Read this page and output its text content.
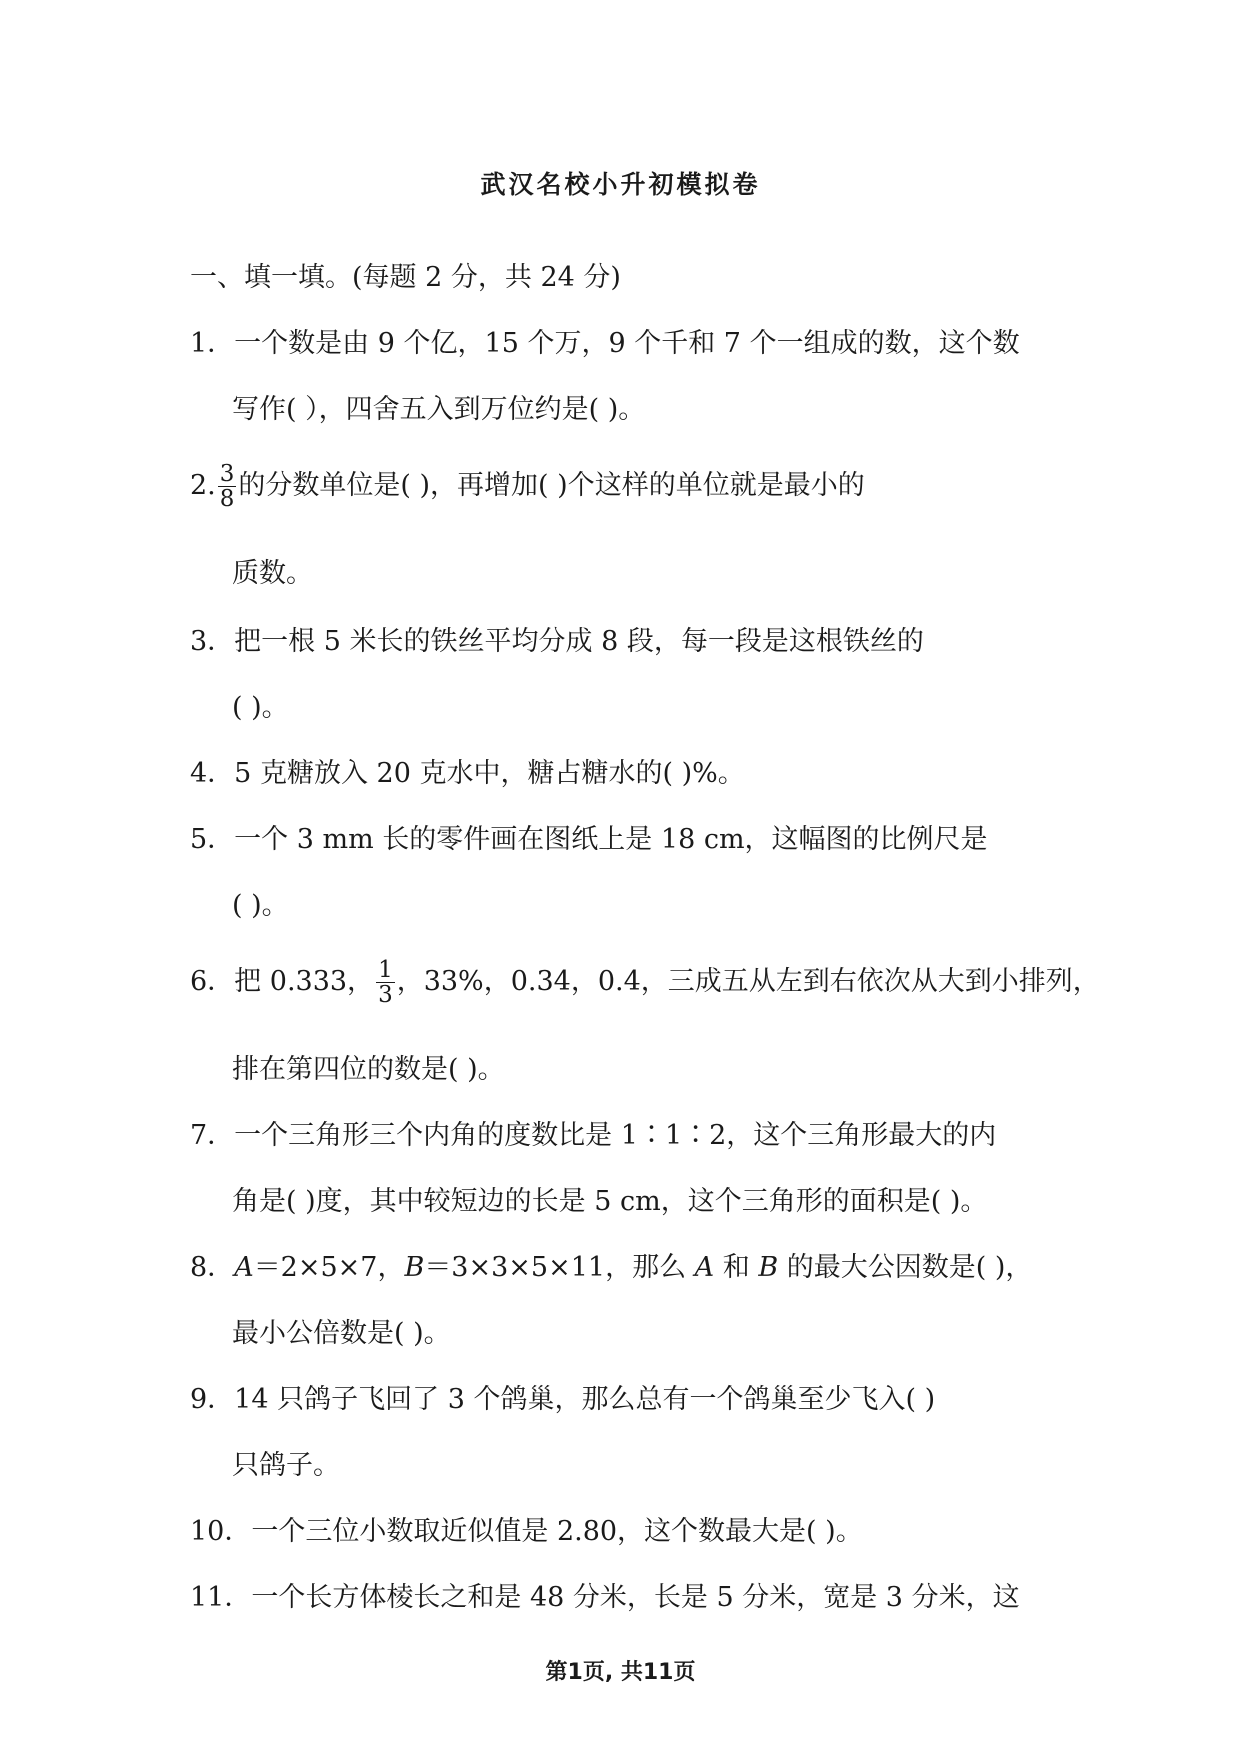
武汉名校小升初模拟卷
一、填一填。(每题 2 分，共 24 分)
1．一个数是由 9 个亿，15 个万，9 个千和 7 个一组成的数，这个数
写作( ），四舍五入到万位约是( )。
2. $\frac{3}{8}$ 的分数单位是( )，再增加( )个这样的单位就是最小的
质数。
3．把一根 5 米长的铁丝平均分成 8 段，每一段是这根铁丝的
( )。
4．5 克糖放入 20 克水中，糖占糖水的( )%。
5．一个 3 mm 长的零件画在图纸上是 18 cm，这幅图的比例尺是
( )。
6．把 0.333， $\frac{1}{3}$ ，33%，0.34，0.4，三成五从左到右依次从大到小排列，
排在第四位的数是( )。
7．一个三角形三个内角的度数比是 1∶1∶2，这个三角形最大的内
角是( )度，其中较短边的长是 5 cm，这个三角形的面积是( )。
8．A＝2×5×7，B＝3×3×5×11，那么 A 和 B 的最大公因数是( )，
最小公倍数是( )。
9．14 只鸽子飞回了 3 个鸽巢，那么总有一个鸽巢至少飞入( )
只鸽子。
10．一个三位小数取近似值是 2.80，这个数最大是( )。
11．一个长方体棱长之和是 48 分米，长是 5 分米，宽是 3 分米，这
第1页, 共11页
